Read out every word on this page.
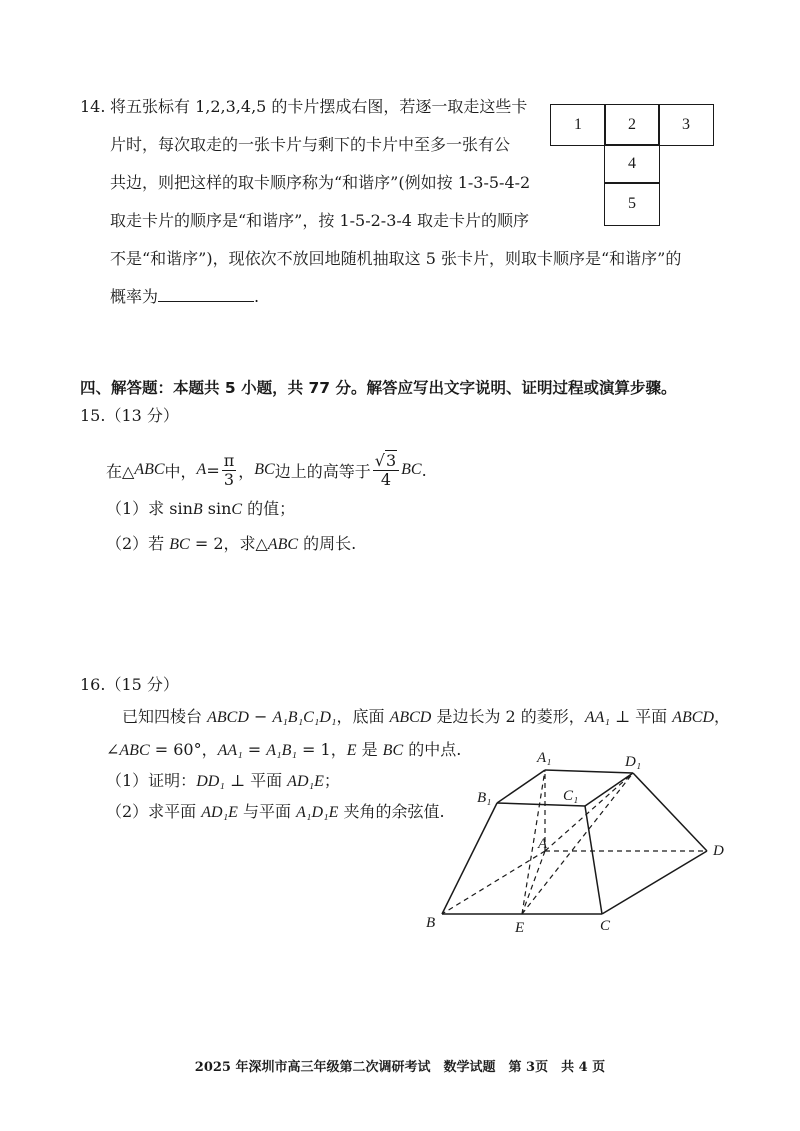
14. 将五张标有 1,2,3,4,5 的卡片摆成右图，若逐一取走这些卡
片时，每次取走的一张卡片与剩下的卡片中至多一张有公
共边，则把这样的取卡顺序称为“和谐序”(例如按 1-3-5-4-2
取走卡片的顺序是“和谐序”，按 1-5-2-3-4 取走卡片的顺序
不是“和谐序”)，现依次不放回地随机抽取这 5 张卡片，则取卡顺序是“和谐序”的
概率为	.
1	2	3
4
5
四、解答题：本题共 5 小题，共 77 分。解答应写出文字说明、证明过程或演算步骤。
15.（13 分）
在△ ABC 中， $A = \frac{\pi}{3}$ ， BC 边上的高等于 $\frac{√3}{4}$ BC .
（1）求 sinB sinC 的值；
（2）若 BC = 2，求△ABC 的周长.
16.（15 分）
已知四棱台 ABCD − A₁B₁C₁D₁，底面 ABCD 是边长为 2 的菱形，AA₁ ⊥ 平面 ABCD，
∠ABC = 60°，AA₁ = A₁B₁ = 1，E 是 BC 的中点.
（1）证明：DD₁ ⊥ 平面 AD₁E；
（2）求平面 AD₁E 与平面 A₁D₁E 夹角的余弦值.
A₁	D₁
B₁	C₁
A	D
B	E	C
2025 年深圳市高三年级第二次调研考试　数学试题　第 3页　共 4 页
